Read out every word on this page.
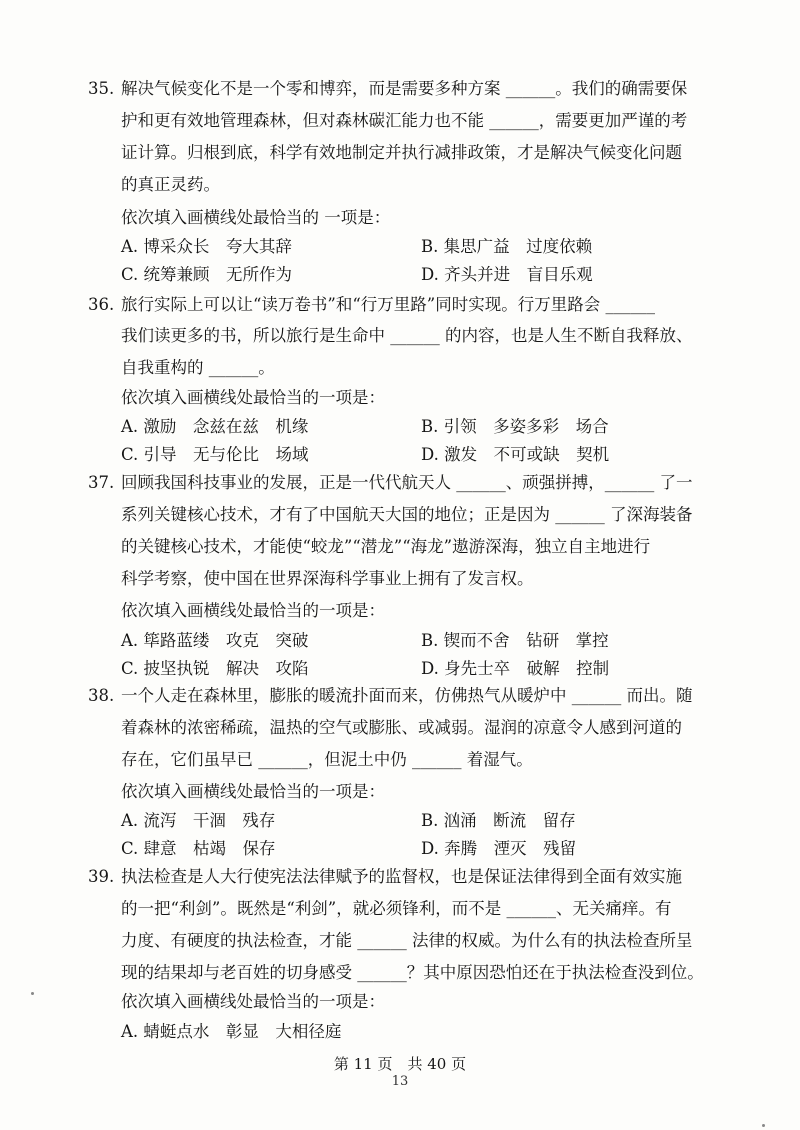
35. 解决气候变化不是一个零和博弈，而是需要多种方案 ______。我们的确需要保
护和更有效地管理森林，但对森林碳汇能力也不能 ______，需要更加严谨的考
证计算。归根到底，科学有效地制定并执行减排政策，才是解决气候变化问题
的真正灵药。
依次填入画横线处最恰当的 一项是：
A. 博采众长　夸大其辞	B. 集思广益　过度依赖
C. 统筹兼顾　无所作为	D. 齐头并进　盲目乐观
36. 旅行实际上可以让“读万卷书”和“行万里路”同时实现。行万里路会 ______
我们读更多的书，所以旅行是生命中 ______ 的内容，也是人生不断自我释放、
自我重构的 ______。
依次填入画横线处最恰当的一项是：
A. 激励　念兹在兹　机缘	B. 引领　多姿多彩　场合
C. 引导　无与伦比　场域	D. 激发　不可或缺　契机
37. 回顾我国科技事业的发展，正是一代代航天人 ______、顽强拼搏，______ 了一
系列关键核心技术，才有了中国航天大国的地位；正是因为 ______ 了深海装备
的关键核心技术，才能使“蛟龙”“潜龙”“海龙”遨游深海，独立自主地进行
科学考察，使中国在世界深海科学事业上拥有了发言权。
依次填入画横线处最恰当的一项是：
A. 筚路蓝缕　攻克　突破	B. 锲而不舍　钻研　掌控
C. 披坚执锐　解决　攻陷	D. 身先士卒　破解　控制
38. 一个人走在森林里，膨胀的暖流扑面而来，仿佛热气从暖炉中 ______ 而出。随
着森林的浓密稀疏，温热的空气或膨胀、或减弱。湿润的凉意令人感到河道的
存在，它们虽早已 ______，但泥土中仍 ______ 着湿气。
依次填入画横线处最恰当的一项是：
A. 流泻　干涸　残存	B. 汹涌　断流　留存
C. 肆意　枯竭　保存	D. 奔腾　湮灭　残留
39. 执法检查是人大行使宪法法律赋予的监督权，也是保证法律得到全面有效实施
的一把“利剑”。既然是“利剑”，就必须锋利，而不是 ______、无关痛痒。有
力度、有硬度的执法检查，才能 ______ 法律的权威。为什么有的执法检查所呈
现的结果却与老百姓的切身感受 ______？其中原因恐怕还在于执法检查没到位。
依次填入画横线处最恰当的一项是：
A. 蜻蜓点水　彰显　大相径庭
第 11 页　共 40 页
13
